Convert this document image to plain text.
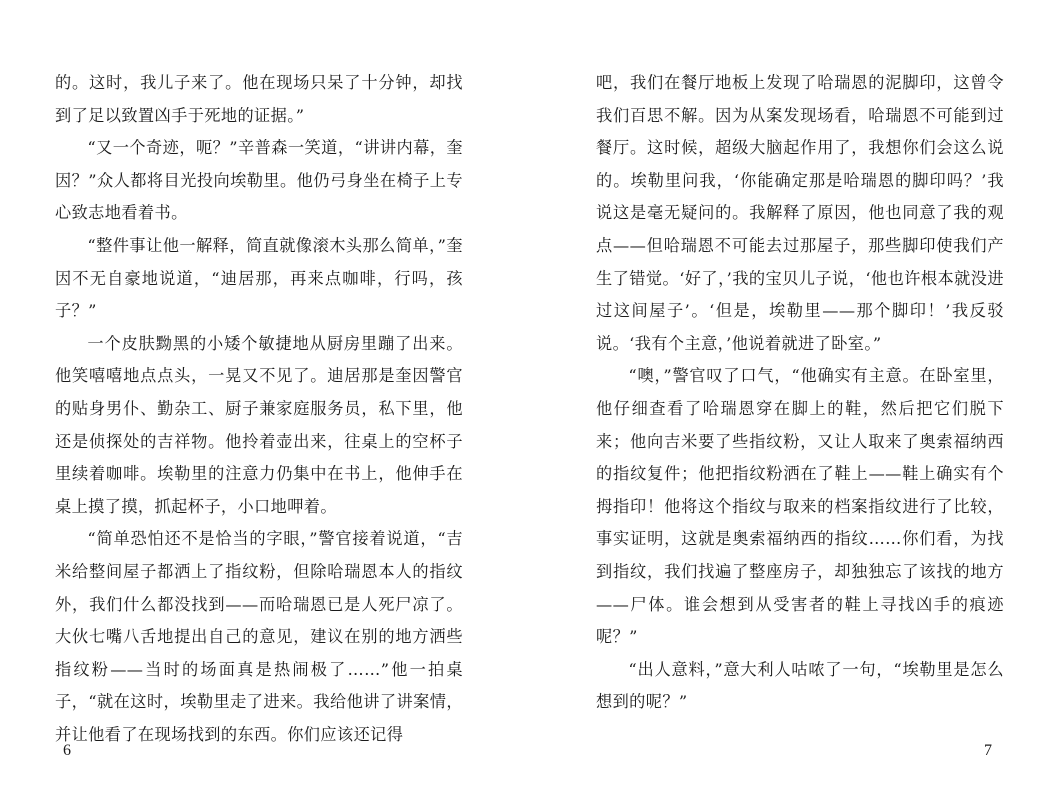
的。这时，我儿子来了。他在现场只呆了十分钟，却找到了足以致置凶手于死地的证据。”

“又一个奇迹，呃？”辛普森一笑道，“讲讲内幕，奎因？”众人都将目光投向埃勒里。他仍弓身坐在椅子上专心致志地看着书。

“整件事让他一解释，简直就像滚木头那么简单，”奎因不无自豪地说道，“迪居那，再来点咖啡，行吗，孩子？”

一个皮肤黝黑的小矮个敏捷地从厨房里蹦了出来。他笑嘻嘻地点点头，一晃又不见了。迪居那是奎因警官的贴身男仆、勤杂工、厨子兼家庭服务员，私下里，他还是侦探处的吉祥物。他拎着壶出来，往桌上的空杯子里续着咖啡。埃勒里的注意力仍集中在书上，他伸手在桌上摸了摸，抓起杯子，小口地呷着。

“简单恐怕还不是恰当的字眼，”警官接着说道，“吉米给整间屋子都洒上了指纹粉，但除哈瑞恩本人的指纹外，我们什么都没找到——而哈瑞恩已是人死尸凉了。大伙七嘴八舌地提出自己的意见，建议在别的地方洒些指纹粉——当时的场面真是热闹极了……”他一拍桌子，“就在这时，埃勒里走了进来。我给他讲了讲案情，并让他看了在现场找到的东西。你们应该还记得

6

吧，我们在餐厅地板上发现了哈瑞恩的泥脚印，这曾令我们百思不解。因为从案发现场看，哈瑞恩不可能到过餐厅。这时候，超级大脑起作用了，我想你们会这么说的。埃勒里问我，‘你能确定那是哈瑞恩的脚印吗？’我说这是毫无疑问的。我解释了原因，他也同意了我的观点——但哈瑞恩不可能去过那屋子，那些脚印使我们产生了错觉。‘好了，’我的宝贝儿子说，‘他也许根本就没进过这间屋子’。‘但是，埃勒里——那个脚印！’我反驳说。‘我有个主意，’他说着就进了卧室。”

“噢，”警官叹了口气，“他确实有主意。在卧室里，他仔细查看了哈瑞恩穿在脚上的鞋，然后把它们脱下来；他向吉米要了些指纹粉，又让人取来了奥索福纳西的指纹复件；他把指纹粉洒在了鞋上——鞋上确实有个拇指印！他将这个指纹与取来的档案指纹进行了比较，事实证明，这就是奥索福纳西的指纹……你们看，为找到指纹，我们找遍了整座房子，却独独忘了该找的地方——尸体。谁会想到从受害者的鞋上寻找凶手的痕迹呢？”

“出人意料，”意大利人咕哝了一句，“埃勒里是怎么想到的呢？”

7
